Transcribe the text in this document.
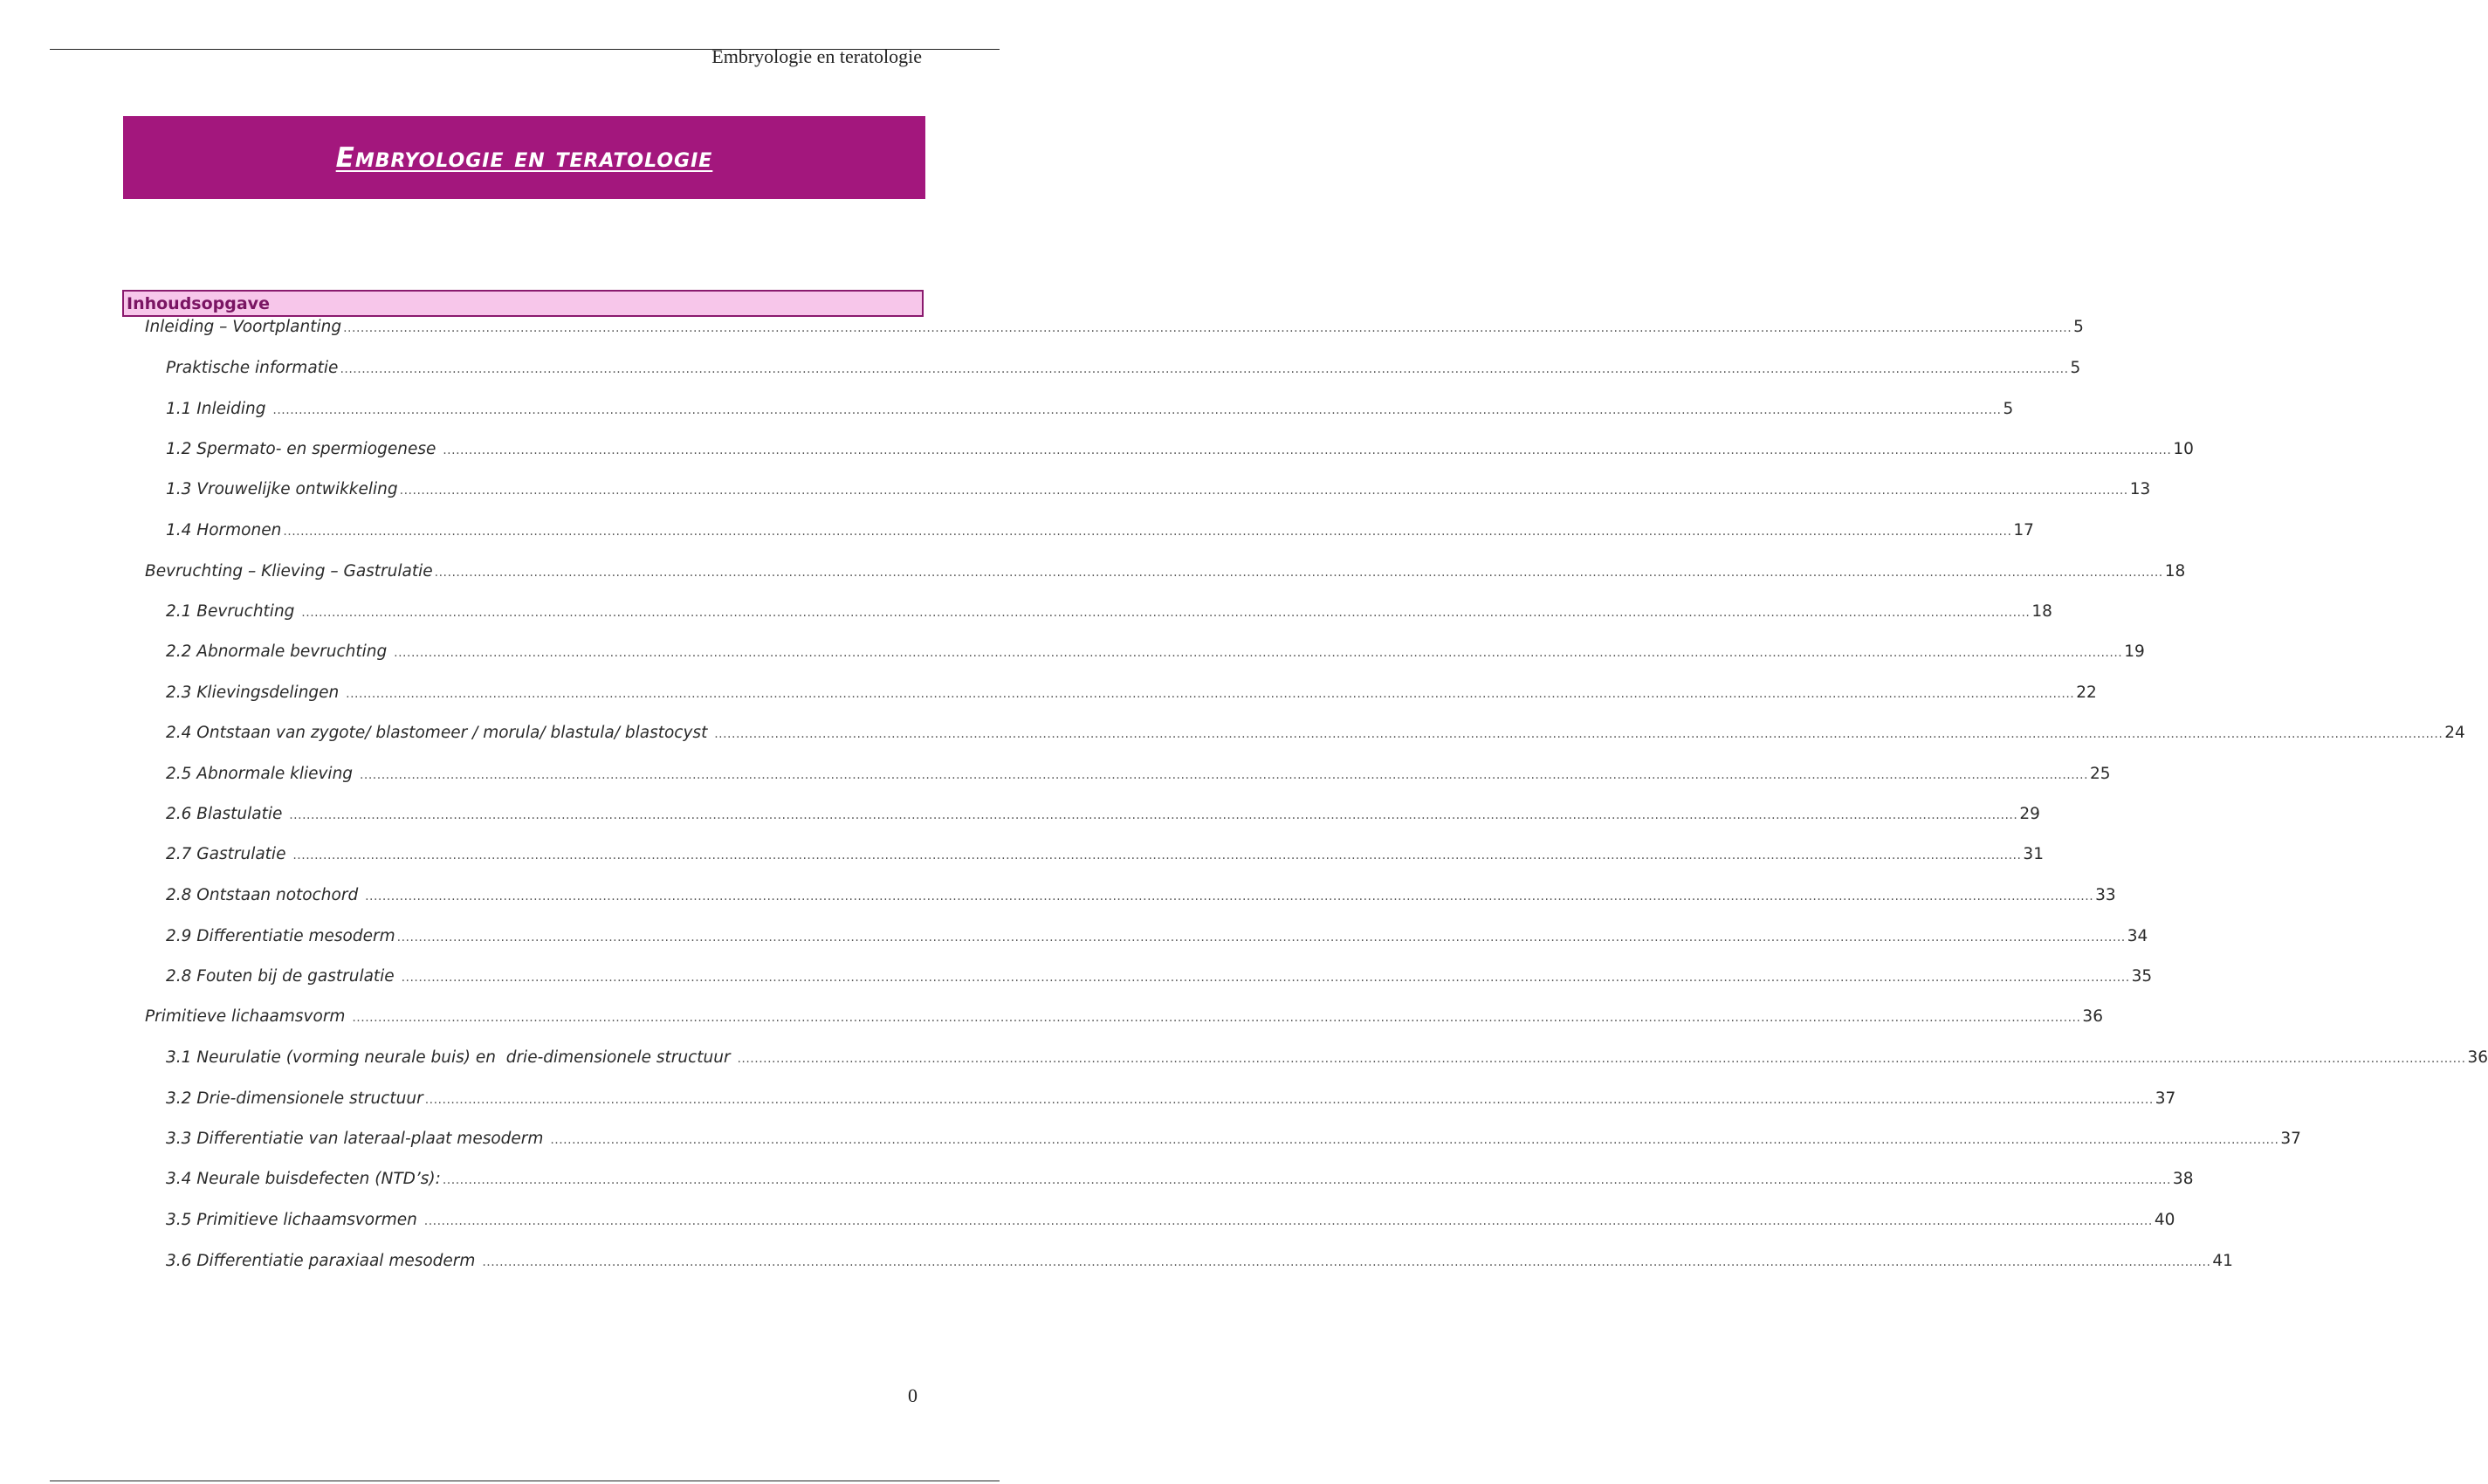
Embryologie en teratologie
Embryologie en teratologie
Inhoudsopgave
Inleiding – Voortplanting ................................................................................................................................................................................................................................................................................................................................................................................................................ 5
Praktische informatie ................................................................................................................................................................................................................................................................................................................................................................................................................ 5
1.1 Inleiding ................................................................................................................................................................................................................................................................................................................................................................................................................ 5
1.2 Spermato- en spermiogenese ................................................................................................................................................................................................................................................................................................................................................................................................................ 10
1.3 Vrouwelijke ontwikkeling ................................................................................................................................................................................................................................................................................................................................................................................................................ 13
1.4 Hormonen ................................................................................................................................................................................................................................................................................................................................................................................................................ 17
Bevruchting – Klieving – Gastrulatie ................................................................................................................................................................................................................................................................................................................................................................................................................ 18
2.1 Bevruchting ................................................................................................................................................................................................................................................................................................................................................................................................................ 18
2.2 Abnormale bevruchting ................................................................................................................................................................................................................................................................................................................................................................................................................ 19
2.3 Klievingsdelingen ................................................................................................................................................................................................................................................................................................................................................................................................................ 22
2.4 Ontstaan van zygote/ blastomeer / morula/ blastula/ blastocyst ................................................................................................................................................................................................................................................................................................................................................................................................................ 24
2.5 Abnormale klieving ................................................................................................................................................................................................................................................................................................................................................................................................................ 25
2.6 Blastulatie ................................................................................................................................................................................................................................................................................................................................................................................................................ 29
2.7 Gastrulatie ................................................................................................................................................................................................................................................................................................................................................................................................................ 31
2.8 Ontstaan notochord ................................................................................................................................................................................................................................................................................................................................................................................................................ 33
2.9 Differentiatie mesoderm ................................................................................................................................................................................................................................................................................................................................................................................................................ 34
2.8 Fouten bij de gastrulatie ................................................................................................................................................................................................................................................................................................................................................................................................................ 35
Primitieve lichaamsvorm ................................................................................................................................................................................................................................................................................................................................................................................................................ 36
3.1 Neurulatie (vorming neurale buis) en  drie-dimensionele structuur ................................................................................................................................................................................................................................................................................................................................................................................................................ 36
3.2 Drie-dimensionele structuur ................................................................................................................................................................................................................................................................................................................................................................................................................ 37
3.3 Differentiatie van lateraal-plaat mesoderm ................................................................................................................................................................................................................................................................................................................................................................................................................ 37
3.4 Neurale buisdefecten (NTD’s): ................................................................................................................................................................................................................................................................................................................................................................................................................ 38
3.5 Primitieve lichaamsvormen ................................................................................................................................................................................................................................................................................................................................................................................................................ 40
3.6 Differentiatie paraxiaal mesoderm ................................................................................................................................................................................................................................................................................................................................................................................................................ 41
0
